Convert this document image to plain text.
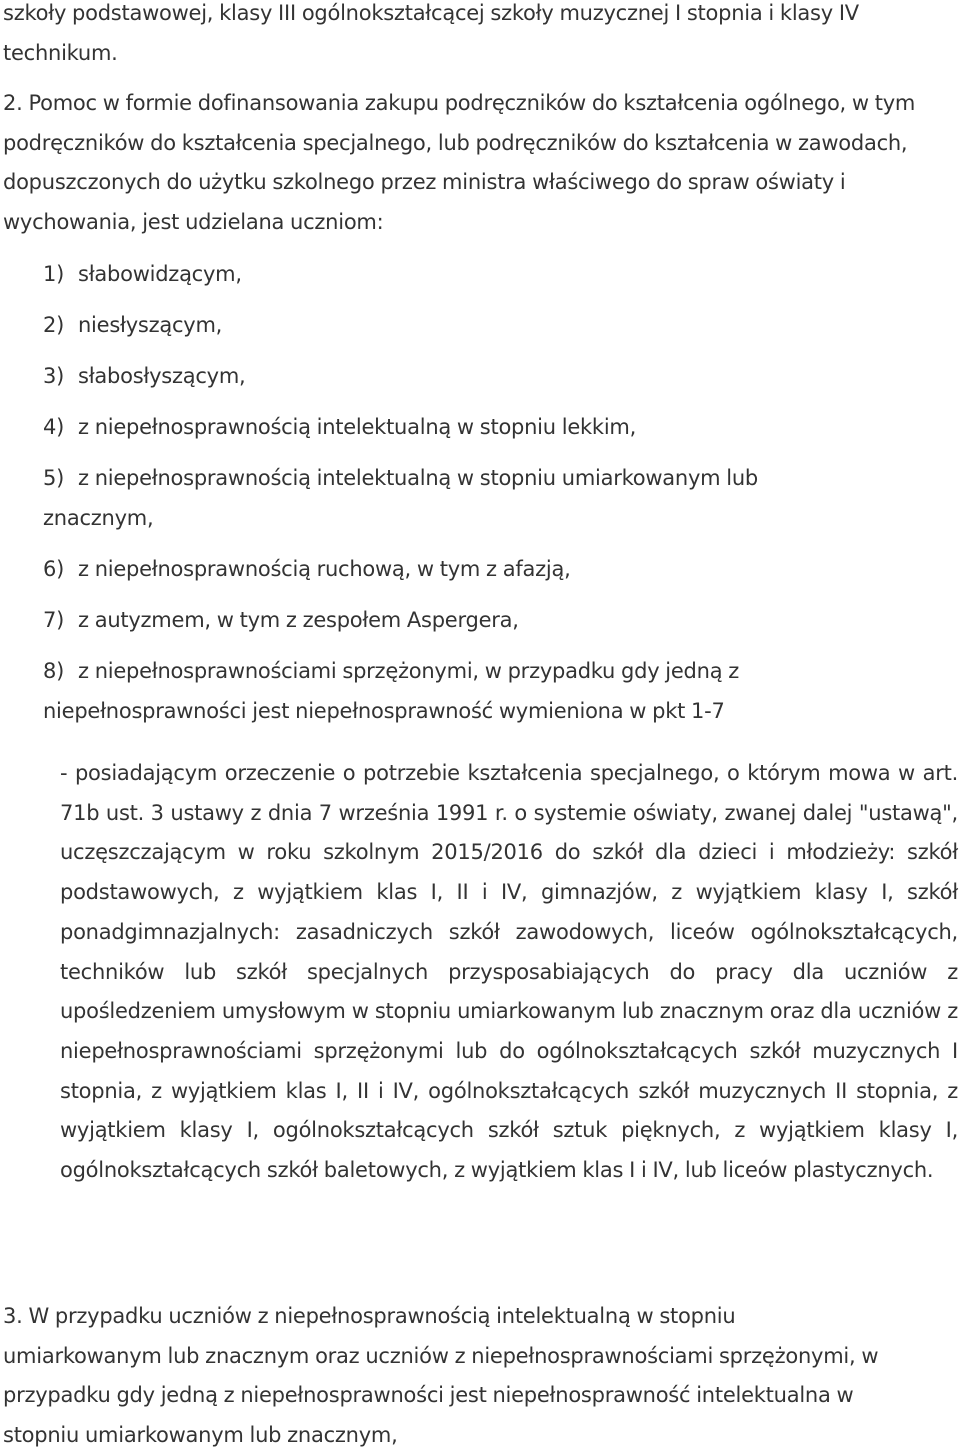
szkoły podstawowej, klasy III ogólnokształcącej szkoły muzycznej I stopnia i klasy IV technikum.

2. Pomoc w formie dofinansowania zakupu podręczników do kształcenia ogólnego, w tym podręczników do kształcenia specjalnego, lub podręczników do kształcenia w zawodach, dopuszczonych do użytku szkolnego przez ministra właściwego do spraw oświaty i wychowania, jest udzielana uczniom:

1) słabowidzącym,

2) niesłyszącym,

3) słabosłyszącym,

4) z niepełnosprawnością intelektualną w stopniu lekkim,

5) z niepełnosprawnością intelektualną w stopniu umiarkowanym lub

znacznym,

6) z niepełnosprawnością ruchową, w tym z afazją,

7) z autyzmem, w tym z zespołem Aspergera,

8) z niepełnosprawnościami sprzężonymi, w przypadku gdy jedną z

niepełnosprawności jest niepełnosprawność wymieniona w pkt 1-7

- posiadającym orzeczenie o potrzebie kształcenia specjalnego, o którym mowa w art. 71b ust. 3 ustawy z dnia 7 września 1991 r. o systemie oświaty, zwanej dalej "ustawą", uczęszczającym w roku szkolnym 2015/2016 do szkół dla dzieci i młodzieży: szkół podstawowych, z wyjątkiem klas I, II i IV, gimnazjów, z wyjątkiem klasy I, szkół ponadgimnazjalnych: zasadniczych szkół zawodowych, liceów ogólnokształcących, techników lub szkół specjalnych przysposabiających do pracy dla uczniów z upośledzeniem umysłowym w stopniu umiarkowanym lub znacznym oraz dla uczniów z niepełnosprawnościami sprzężonymi lub do ogólnokształcących szkół muzycznych I stopnia, z wyjątkiem klas I, II i IV, ogólnokształcących szkół muzycznych II stopnia, z wyjątkiem klasy I, ogólnokształcących szkół sztuk pięknych, z wyjątkiem klasy I, ogólnokształcących szkół baletowych, z wyjątkiem klas I i IV, lub liceów plastycznych.

3. W przypadku uczniów z niepełnosprawnością intelektualną w stopniu umiarkowanym lub znacznym oraz uczniów z niepełnosprawnościami sprzężonymi, w przypadku gdy jedną z niepełnosprawności jest niepełnosprawność intelektualna w stopniu umiarkowanym lub znacznym,
